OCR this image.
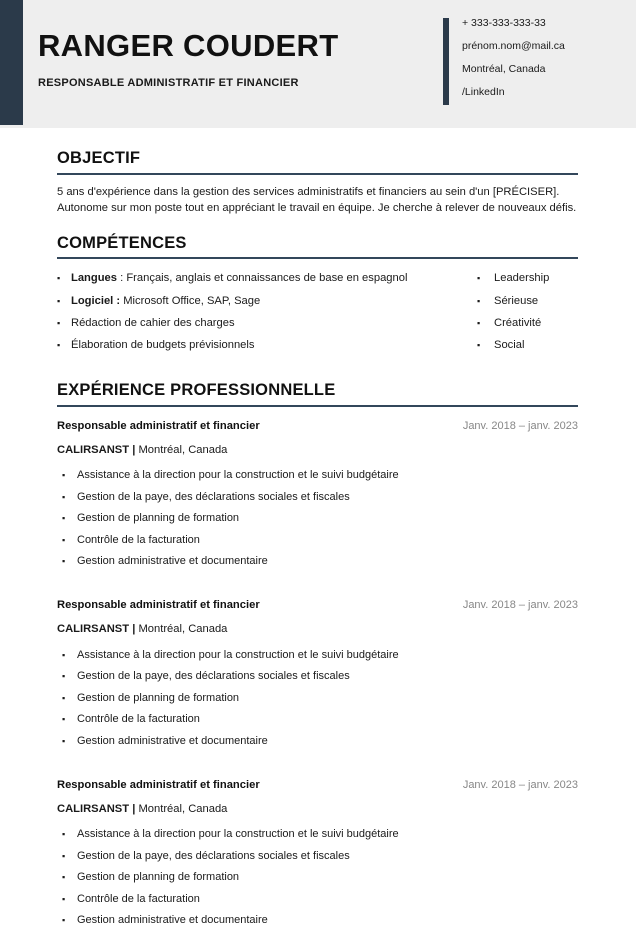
RANGER COUDERT
RESPONSABLE ADMINISTRATIF ET FINANCIER
+ 333-333-333-33
prénom.nom@mail.ca
Montréal, Canada
/LinkedIn
OBJECTIF
5 ans d'expérience dans la gestion des services administratifs et financiers au sein d'un [PRÉCISER]. Autonome sur mon poste tout en appréciant le travail en équipe. Je cherche à relever de nouveaux défis.
COMPÉTENCES
▪ Langues : Français, anglais et connaissances de base en espagnol
▪ Logiciel : Microsoft Office, SAP, Sage
▪ Rédaction de cahier des charges
▪ Élaboration de budgets prévisionnels
▪	Leadership
▪	Sérieuse
▪	Créativité
▪	Social
EXPÉRIENCE PROFESSIONNELLE
Responsable administratif et financier	Janv. 2018 – janv. 2023
CALIRSANST | Montréal, Canada
▪	Assistance à la direction pour la construction et le suivi budgétaire
▪	Gestion de la paye, des déclarations sociales et fiscales
▪	Gestion de planning de formation
▪	Contrôle de la facturation
▪	Gestion administrative et documentaire
Responsable administratif et financier	Janv. 2018 – janv. 2023
CALIRSANST | Montréal, Canada
▪	Assistance à la direction pour la construction et le suivi budgétaire
▪	Gestion de la paye, des déclarations sociales et fiscales
▪	Gestion de planning de formation
▪	Contrôle de la facturation
▪	Gestion administrative et documentaire
Responsable administratif et financier	Janv. 2018 – janv. 2023
CALIRSANST | Montréal, Canada
▪	Assistance à la direction pour la construction et le suivi budgétaire
▪	Gestion de la paye, des déclarations sociales et fiscales
▪	Gestion de planning de formation
▪	Contrôle de la facturation
▪	Gestion administrative et documentaire
